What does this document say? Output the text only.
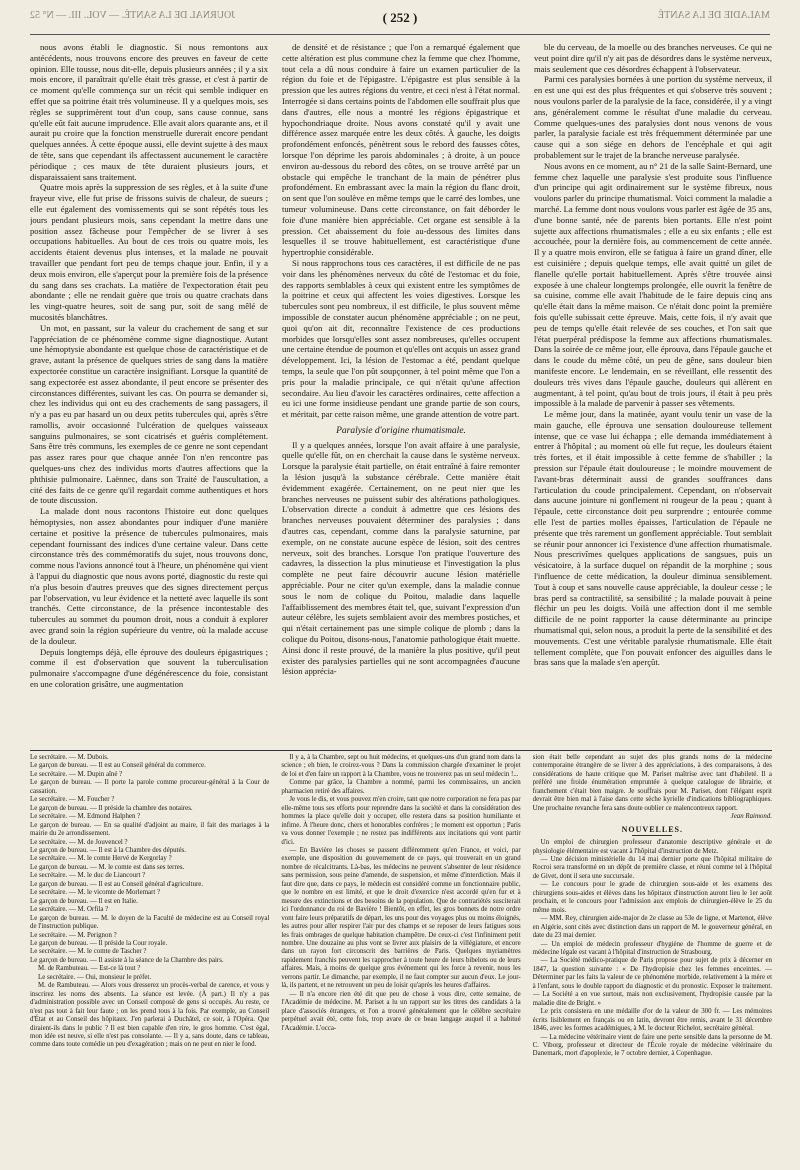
JOURNAL DE LA SANTÉ. — VOL. III. — N° 52	( 252 )	MALADIE DE LA SANTÉ

nous avons établi le diagnostic. Si nous remontons aux antécédents, nous trouvons encore des preuves en faveur de cette opinion. Elle tousse, nous dit-elle, depuis plusieurs années ; il y a six mois encore, il paraîtrait qu'elle était très grasse, et c'est à partir de ce moment qu'elle commença sur un récit qui semble indiquer en effet que sa poitrine était très volumineuse. Il y a quelques mois, ses règles se supprimèrent tout d'un coup, sans cause connue, sans qu'elle eût fait aucune imprudence. Elle avait alors quarante ans, et il aurait pu croire que la fonction menstruelle durerait encore pendant quelques années. À cette époque aussi, elle devint sujette à des maux de tête, sans que cependant ils affectassent aucunement le caractère périodique ; ces maux de tête duraient plusieurs jours, et disparaissaient sans traitement.

Quatre mois après la suppression de ses règles, et à la suite d'une frayeur vive, elle fut prise de frissons suivis de chaleur, de sueurs ; elle eut également des vomissements qui se sont répétés tous les jours pendant plusieurs mois, sans cependant la mettre dans une position assez fâcheuse pour l'empêcher de se livrer à ses occupations habituelles. Au bout de ces trois ou quatre mois, les accidents étaient devenus plus intenses, et la malade ne pouvait travailler que pendant fort peu de temps chaque jour. Enfin, il y a deux mois environ, elle s'aperçut pour la première fois de la présence du sang dans ses crachats. La matière de l'expectoration était peu abondante ; elle ne rendait guère que trois ou quatre crachats dans les vingt-quatre heures, soit de sang pur, soit de sang mêlé de mucosités blanchâtres.

Un mot, en passant, sur la valeur du crachement de sang et sur l'appréciation de ce phénomène comme signe diagnostique. Autant une hémoptysie abondante est quelque chose de caractéristique et de grave, autant la présence de quelques stries de sang dans la matière expectorée constitue un caractère insignifiant. Lorsque la quantité de sang expectorée est assez abondante, il peut encore se présenter des circonstances différentes, suivant les cas. On pourra se demander si, chez les individus qui ont eu des crachements de sang passagers, il n'y a pas eu par hasard un ou deux petits tubercules qui, après s'être ramollis, avoir occasionné l'ulcération de quelques vaisseaux sanguins pulmonaires, se sont cicatrisés et guéris complétement. Sans être très communs, les exemples de ce genre ne sont cependant pas assez rares pour que chaque année l'on n'en rencontre pas quelques-uns chez des individus morts d'autres affections que la phthisie pulmonaire. Laënnec, dans son Traité de l'auscultation, a cité des faits de ce genre qu'il regardait comme authentiques et hors de toute discussion.

La malade dont nous racontons l'histoire eut donc quelques hémoptysies, non assez abondantes pour indiquer d'une manière certaine et positive la présence de tubercules pulmonaires, mais cependant fournissant des indices d'une certaine valeur. Dans cette circonstance très des commémoratifs du sujet, nous trouvons donc, comme nous l'avions annoncé tout à l'heure, un phénomène qui vient à l'appui du diagnostic que nous avons porté, diagnostic du reste qui n'a plus besoin d'autres preuves que des signes directement perçus par l'observation, vu leur évidence et la netteté avec laquelle ils sont tranchés. Cette circonstance, de la présence incontestable des tubercules au sommet du poumon droit, nous a conduit à explorer avec grand soin la région supérieure du ventre, où la malade accuse de la douleur.

Depuis longtemps déjà, elle éprouve des douleurs épigastriques ; comme il est d'observation que souvent la tuberculisation pulmonaire s'accompagne d'une dégénérescence du foie, consistant en une coloration grisâtre, une augmentation

de densité et de résistance ; que l'on a remarqué également que cette altération est plus commune chez la femme que chez l'homme, tout cela a dû nous conduire à faire un examen particulier de la région du foie et de l'épigastre. L'épigastre est plus sensible à la pression que les autres régions du ventre, et ceci n'est à l'état normal. Interrogée si dans certains points de l'abdomen elle souffrait plus que dans d'autres, elle nous a montré les régions épigastrique et hypochondriaque droite. Nous avons constaté qu'il y avait une différence assez marquée entre les deux côtés. À gauche, les doigts profondément enfoncés, pénètrent sous le rebord des fausses côtes, lorsque l'on déprime les parois abdominales ; à droite, à un pouce environ au-dessous du rebord des côtes, on se trouve arrêté par un obstacle qui empêche le tranchant de la main de pénétrer plus profondément. En embrassant avec la main la région du flanc droit, on sent que l'on soulève en même temps que le carré des lombes, une tumeur volumineuse. Dans cette circonstance, on fait déborder le foie d'une manière bien appréciable. Cet organe est sensible à la pression. Cet abaissement du foie au-dessous des limites dans lesquelles il se trouve habituellement, est caractéristique d'une hypertrophie considérable.

Si nous rapprochons tous ces caractères, il est difficile de ne pas voir dans les phénomènes nerveux du côté de l'estomac et du foie, des rapports semblables à ceux qui existent entre les symptômes de la poitrine et ceux qui affectent les voies digestives. Lorsque les tubercules sont peu nombreux, il est difficile, le plus souvent même impossible de constater aucun phénomène appréciable ; on ne peut, quoi qu'on ait dit, reconnaître l'existence de ces productions morbides que lorsqu'elles sont assez nombreuses, qu'elles occupent une certaine étendue de poumon et qu'elles ont acquis un assez grand développement. Ici, la lésion de l'estomac a été, pendant quelque temps, la seule que l'on pût soupçonner, à tel point même que l'on a pris pour la maladie principale, ce qui n'était qu'une affection secondaire. Au lieu d'avoir les caractères ordinaires, cette affection a eu ici une forme insidieuse pendant une grande partie de son cours, et méritait, par cette raison même, une grande attention de votre part.

Paralysie d'origine rhumatismale.

Il y a quelques années, lorsque l'on avait affaire à une paralysie, quelle qu'elle fût, on en cherchait la cause dans le système nerveux. Lorsque la paralysie était partielle, on était entraîné à faire remonter la lésion jusqu'à la substance cérébrale. Cette manière était évidemment exagérée. Certainement, on ne peut nier que les branches nerveuses ne puissent subir des altérations pathologiques. L'observation directe a conduit à admettre que ces lésions des branches nerveuses pouvaient déterminer des paralysies ; dans d'autres cas, cependant, comme dans la paralysie saturnine, par exemple, on ne constate aucune espèce de lésion, soit des centres nerveux, soit des branches. Lorsque l'on pratique l'ouverture des cadavres, la dissection la plus minutieuse et l'investigation la plus complète ne peut faire découvrir aucune lésion matérielle appréciable. Pour ne citer qu'un exemple, dans la maladie connue sous le nom de colique du Poitou, maladie dans laquelle l'affaiblissement des membres était tel, que, suivant l'expression d'un auteur célèbre, les sujets semblaient avoir des membres postiches, et qui n'était certainement pas une simple colique de plomb ; dans la colique du Poitou, disons-nous, l'anatomie pathologique était muette. Ainsi donc il reste prouvé, de la manière la plus positive, qu'il peut exister des paralysies partielles qui ne sont accompagnées d'aucune lésion apprécia-

ble du cerveau, de la moelle ou des branches nerveuses. Ce qui ne veut point dire qu'il n'y ait pas de désordres dans le système nerveux, mais seulement que ces désordres échappent à l'observateur.

Parmi ces paralysies bornées à une portion du système nerveux, il en est une qui est des plus fréquentes et qui s'observe très souvent ; nous voulons parler de la paralysie de la face, considérée, il y a vingt ans, généralement comme le résultat d'une maladie du cerveau. Comme quelques-unes des paralysies dont nous venons de vous parler, la paralysie faciale est très fréquemment déterminée par une cause qui a son siége en dehors de l'encéphale et qui agit probablement sur le trajet de la branche nerveuse paralysée.

Nous avons en ce moment, au n° 21 de la salle Saint-Bernard, une femme chez laquelle une paralysie s'est produite sous l'influence d'un principe qui agit ordinairement sur le système fibreux, nous voulons parler du principe rhumatismal. Voici comment la maladie a marché. La femme dont nous voulons vous parler est âgée de 35 ans, d'une bonne santé, née de parents bien portants. Elle n'est point sujette aux affections rhumatismales ; elle a eu six enfants ; elle est accouchée, pour la dernière fois, au commencement de cette année. Il y a quatre mois environ, elle se fatigua à faire un grand dîner, elle est cuisinière ; depuis quelque temps, elle avait quitté un gilet de flanelle qu'elle portait habituellement. Après s'être trouvée ainsi exposée à une chaleur longtemps prolongée, elle ouvrit la fenêtre de sa cuisine, comme elle avait l'habitude de le faire depuis cinq ans qu'elle était dans la même maison. Ce n'était donc point la première fois qu'elle subissait cette épreuve. Mais, cette fois, il n'y avait que peu de temps qu'elle était relevée de ses couches, et l'on sait que l'état puerpéral prédispose la femme aux affections rhumatismales. Dans la soirée de ce même jour, elle éprouva, dans l'épaule gauche et dans le coude du même côté, un peu de gêne, sans douleur bien manifeste encore. Le lendemain, en se réveillant, elle ressentit des douleurs très vives dans l'épaule gauche, douleurs qui allèrent en augmentant, à tel point, qu'au bout de trois jours, il était à peu près impossible à la malade de parvenir à passer ses vêtements.

Le même jour, dans la matinée, ayant voulu tenir un vase de la main gauche, elle éprouva une sensation douloureuse tellement intense, que ce vase lui échappa ; elle demanda immédiatement à entrer à l'hôpital ; au moment où elle fut reçue, les douleurs étaient très fortes, et il était impossible à cette femme de s'habiller ; la pression sur l'épaule était douloureuse ; le moindre mouvement de l'avant-bras déterminait aussi de grandes souffrances dans l'articulation du coude principalement. Cependant, on n'observait dans aucune jointure ni gonflement ni rougeur de la peau ; quant à l'épaule, cette circonstance doit peu surprendre ; entourée comme elle l'est de parties molles épaisses, l'articulation de l'épaule ne présente que très rarement un gonflement appréciable. Tout semblait se réunir pour annoncer ici l'existence d'une affection rhumatismale. Nous prescrivîmes quelques applications de sangsues, puis un vésicatoire, à la surface duquel on répandit de la morphine ; sous l'influence de cette médication, la douleur diminua sensiblement. Tout à coup et sans nouvelle cause appréciable, la douleur cesse ; le bras perd sa contractilité, sa sensibilité ; la malade pouvait à peine fléchir un peu les doigts. Voilà une affection dont il me semble difficile de ne point rapporter la cause déterminante au principe rhumatismal qui, selon nous, a produit la perte de la sensibilité et des mouvements. C'est une véritable paralysie rhumatismale. Elle était tellement complète, que l'on pouvait enfoncer des aiguilles dans le bras sans que la malade s'en aperçût.

Le secrétaire. — M. Dubois.

Le garçon de bureau. — Il est au Conseil général du commerce.

Le secrétaire. — M. Dupin aîné ?

Le garçon de bureau. — Il porte la parole comme procureur-général à la Cour de cassation.

Le secrétaire. — M. Foucher ?

Le garçon de bureau. — Il préside la chambre des notaires.

Le secrétaire. — M. Edmond Halphen ?

Le garçon de bureau. — En sa qualité d'adjoint au maire, il fait des mariages à la mairie du 2e arrondissement.

Le secrétaire. — M. de Jouvencel ?

Le garçon de bureau. — Il est à la Chambre des députés.

Le secrétaire. — M. le comte Hervé de Kergorlay ?

Le garçon de bureau. — M. le comte est dans ses terres.

Le secrétaire. — M. le duc de Liancourt ?

Le garçon de bureau. — Il est au Conseil général d'agriculture.

Le secrétaire. — M. le vicomte de Morlemart ?

Le garçon de bureau. — Il est en Italie.

Le secrétaire. — M. Orfila ?

Le garçon de bureau. — M. le doyen de la Faculté de médecine est au Conseil royal de l'instruction publique.

Le secrétaire. — M. Perignon ?

Le garçon de bureau. — Il préside la Cour royale.

Le secrétaire. — M. le comte de Tascher ?

Le garçon de bureau. — Il assiste à la séance de la Chambre des pairs.

M. de Rambuteau. — Est-ce là tout ?

Le secrétaire. — Oui, monsieur le préfet.

M. de Rambuteau. — Alors vous dresserez un procès-verbal de carence, et vous y inscrirez les noms des absents. La séance est levée. (À part.) Il n'y a pas d'administration possible avec un Conseil composé de gens si occupés. Au reste, ce n'est pas tout à fait leur faute ; on les prend tous à la fois. Par exemple, au Conseil d'État et au Conseil des hôpitaux. J'en parlerai à Duchâtel, ce soir, à l'Opéra. Que diraient-ils dans le public ? Il est bien capable d'en rire, le gros homme. C'est égal, mon idée est neuve, si elle n'est pas consolante. — Il y a, sans doute, dans ce tableau, comme dans toute comédie un peu d'exagération ; mais on ne peut en nier le fond.

Il y a, à la Chambre, sept ou huit médecins, et quelques-uns d'un grand nom dans la science ; eh bien, le croirez-vous ? Dans la commission chargée d'examiner le projet de loi et d'en faire un rapport à la Chambre, vous ne trouverez pas un seul médecin !...

Comme par grâce, la Chambre a nommé, parmi les commissaires, un ancien pharmacien retiré des affaires.

Je vous le dis, et vous pouvez m'en croire, tant que notre corporation ne fera pas par elle-même tous ses efforts pour reprendre dans la société et dans la considération des hommes la place qu'elle doit y occuper, elle restera dans sa position humiliante et infime. À l'heure donc, chers et honorables confrères ; le moment est opportun ; Paris va vous donner l'exemple ; ne restez pas indifférents aux incitations qui vont partir d'ici.

— En Bavière les choses se passent différemment qu'en France, et voici, par exemple, une disposition du gouvernement de ce pays, qui trouverait en un grand nombre de récalcitrants. Là-bas, les médecins ne peuvent s'absenter de leur résidence sans permission, sous peine d'amende, de suspension, et même d'interdiction. Mais il faut dire que, dans ce pays, le médecin est considéré comme un fonctionnaire public, que le nombre en est limité, et que le droit d'exercice n'est accordé qu'en fur et à mesure des extinctions et des besoins de la population. Que de contrariétés susciterait ici l'ordonnance du roi de Bavière ! Bientôt, en effet, les gros bonnets de notre ordre vont faire leurs préparatifs de départ, les uns pour des voyages plus ou moins éloignés, les autres pour aller respirer l'air pur des champs et se reposer de leurs fatigues sous les frais ombrages de quelque habitation champêtre. De ceux-ci c'est l'infiniment petit nombre. Une douzaine au plus vont se livrer aux plaisirs de la villégiature, et encore dans un rayon fort circonscrit des barrières de Paris. Quelques myriamètres rapidement franchis peuvent les rapprocher à toute heure de leurs bibelots ou de leurs affaires. Mais, à moins de quelque gros événement qui les force à revenir, nous les verrons partir. Le dimanche, par exemple, il ne faut compter sur aucun d'eux. Le jour-là, ils partent, et ne retrouvent un peu de loisir qu'après les heures d'affaires.

— Il n'a encore rien été dit que peu de chose à vous dire, cette semaine, de l'Académie de médecine. M. Pariset a lu un rapport sur les titres des candidats à la place d'associés étrangers, et l'on a trouvé généralement que le célèbre secrétaire perpétuel avait été, cette fois, trop avare de ce beau langage auquel il a habitué l'Académie. L'occa-

sion était belle cependant au sujet des plus grands noms de la médecine contemporaine étrangère de se livrer à des appréciations, à des comparaisons, à des considérations de haute critique que M. Pariset maîtrise avec tant d'habileté. Il a préféré une froide énumération empruntée à quelque catalogue de librairie, et franchement c'était bien maigre. Je souffrais pour M. Pariset, dont l'élégant esprit devrait être bien mal à l'aise dans cette sèche kyrielle d'indications bibliographiques. Une prochaine revanche fera sans doute oublier ce malencontreux rapport.

Jean Raimond.
NOUVELLES.

Un emploi de chirurgien professeur d'anatomie descriptive générale et de physiologie élémentaire est vacant à l'hôpital d'instruction de Metz.

— Une décision ministérielle du 14 mai dernier porte que l'hôpital militaire de Rocroi sera transformé en un dépôt de première classe, et réuni comme tel à l'hôpital de Givet, dont il sera une succursale.

— Le concours pour le grade de chirurgien sous-aide et les examens des chirurgiens sous-aides et élèves dans les hôpitaux d'instruction auront lieu le 1er août prochain, et le concours pour l'admission aux emplois de chirurgien-élève le 25 du même mois.

— MM. Rey, chirurgien aide-major de 2e classe au 53e de ligne, et Martenot, élève en Algérie, sont cités avec distinction dans un rapport de M. le gouverneur général, en date du 23 mai dernier.

— Un emploi de médecin professeur d'hygiène de l'homme de guerre et de médecine légale est vacant à l'hôpital d'instruction de Strasbourg.

— La Société médico-pratique de Paris propose pour sujet de prix à décerner en 1847, la question suivante : « De l'hydropisie chez les femmes enceintes. — Déterminer par les faits la valeur de ce phénomène morbide, relativement à la mère et à l'enfant, sous le double rapport du diagnostic et du pronostic. Exposer le traitement. — La Société a en vue surtout, mais non exclusivement, l'hydropisie causée par la maladie dite de Bright. »

Le prix consistera en une médaille d'or de la valeur de 300 fr. — Les mémoires écrits lisiblement en français ou en latin, devront être remis, avant le 31 décembre 1846, avec les formes académiques, à M. le docteur Richelot, secrétaire général.

— La médecine vétérinaire vient de faire une perte sensible dans la personne de M. C. Viborg, professeur et directeur de l'École royale de médecine vétérinaire du Danemark, mort d'apoplexie, le 7 octobre dernier, à Copenhague.
